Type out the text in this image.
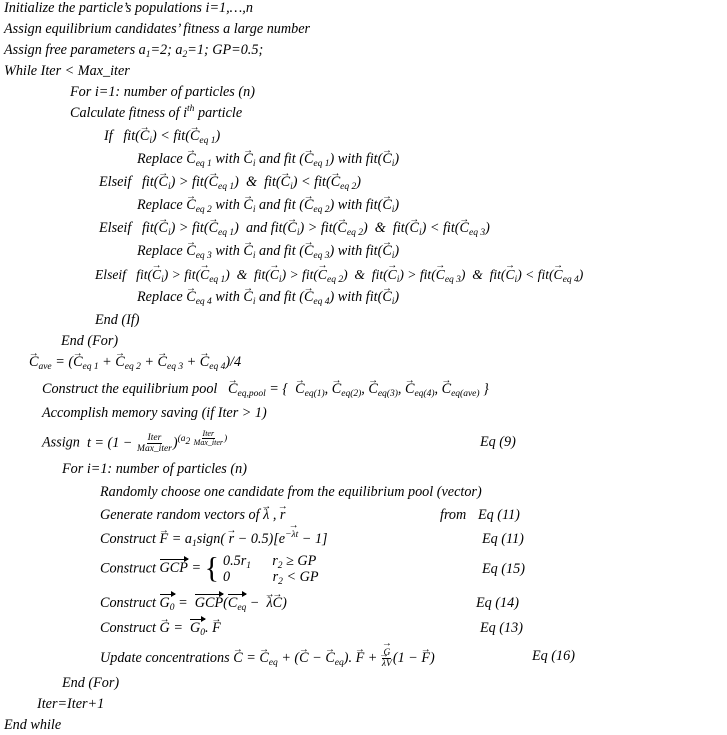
Initialize the particle’s populations i=1,…,n
Assign equilibrium candidates’ fitness a large number
Assign free parameters $a_1=2$; $a_2=1$; GP=0.5;
While Iter < Max_iter
For i=1: number of particles (n)
Calculate fitness of $i^{th}$ particle
If $fit(\to C_i) < fit(\to C_{eq 1})$
Replace → $C_{eq 1}$ with → $C_i$ and fit (→ $C_{eq 1}$) with $fit(\to C_i)$
Elseif $fit(\to C_i) > fit(\to C_{eq 1})$  &  $fit(\to C_i) < fit(\to C_{eq 2})$
Replace → $C_{eq 2}$ with → $C_i$ and fit (→ $C_{eq 2}$) with $fit(\to C_i)$
Elseif $fit(\to C_i) > fit(\to C_{eq 1})$  and $fit(\to C_i) > fit(\to C_{eq 2})$  &  $fit(\to C_i) < fit(\to C_{eq 3})$
Replace → $C_{eq 3}$ with → $C_i$ and fit (→ $C_{eq 3}$) with $fit(\to C_i)$
Elseif $fit(\to C_i) > fit(\to C_{eq 1})$  &  $fit(\to C_i) > fit(\to C_{eq 2})$  &  $fit(\to C_i) > fit(\to C_{eq 3})$  &  $fit(\to C_i) < fit(\to C_{eq 4})$
Replace → $C_{eq 4}$ with → $C_i$ and fit (→ $C_{eq 4}$) with $fit(\to C_i)$
End (If)
End (For)
→ $C_{ave}$ = (→ $C_{eq 1}$ + → $C_{eq 2}$ + → $C_{eq 3}$ + → $C_{eq 4})/4$
Construct the equilibrium pool → $C_{eq,pool}$ = {  → $C_{eq(1)}$, → $C_{eq(2)}$, → $C_{eq(3)}$, → $C_{eq(4)}$, → $C_{eq(ave)}$ }
Accomplish memory saving (if Iter > 1)
Assign $t = (1 - \frac{\text{Iter}}{\text{Max\_iter}} )^{(a_2 \frac{\text{Iter}}{\text{Max\_iter}} )}$	Eq (9)
For i=1: number of particles (n)
Randomly choose one candidate from the equilibrium pool (vector)
Generate random vectors of → λ , → r	from Eq (11)
Construct → $F = a_1sign( \to r - 0.5)[e^{-\lambda t} - 1]$	Eq (11)
Construct GCP = { $0.5r_1$      $r_2$ ≥ GP
0            $r_2$ < GP	Eq (15)
Construct $G_0 = GCP(C_{eq}$ −  → λ→ C)	Eq (14)
Construct → $G = G_0$. → F	Eq (13)
Update concentrations → C = → $C_{eq}$ + (→ C − → $C_{eq}$). → F + → G
→ λV (1 − → F)	Eq (16)
End (For)
Iter=Iter+1
End while
